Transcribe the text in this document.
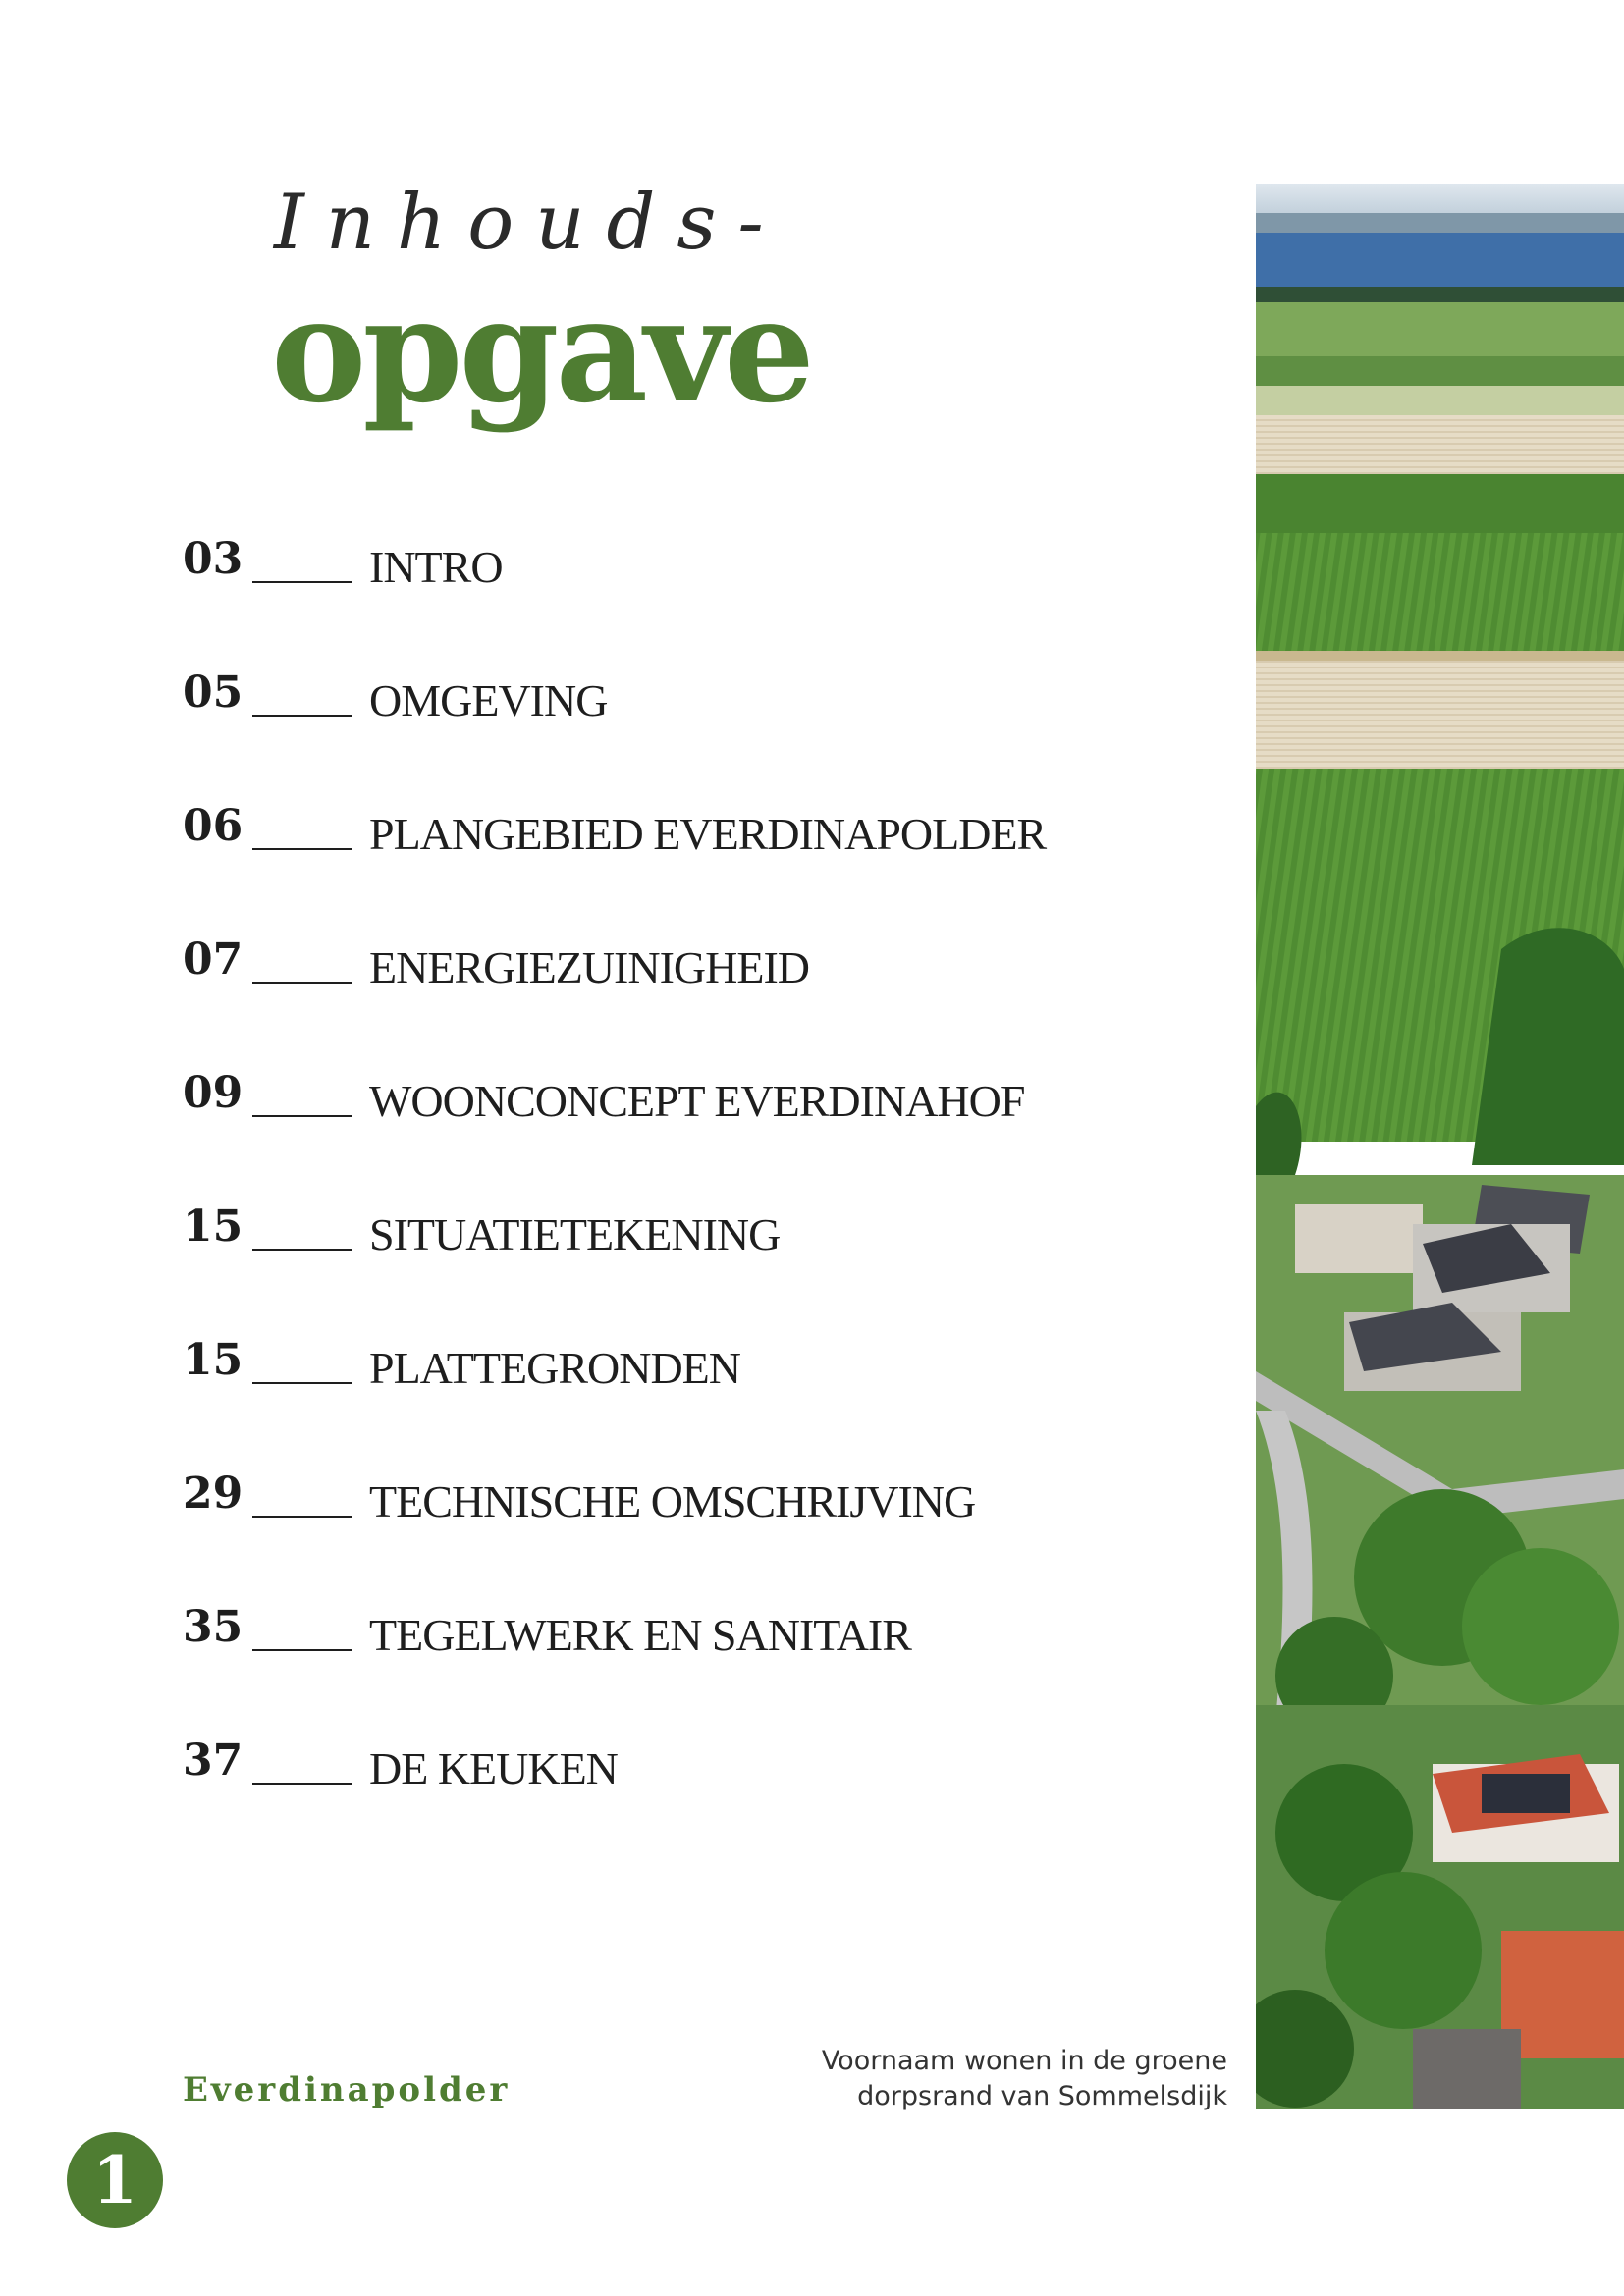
Inhouds-
opgave
03	INTRO
05	OMGEVING
06	PLANGEBIED EVERDINAPOLDER
07	ENERGIEZUINIGHEID
09	WOONCONCEPT EVERDINAHOF
15	SITUATIETEKENING
15	PLATTEGRONDEN
29	TECHNISCHE OMSCHRIJVING
35	TEGELWERK EN SANITAIR
37	DE KEUKEN
Voornaam wonen in de groene
dorpsrand van Sommelsdijk
Everdinapolder
1
